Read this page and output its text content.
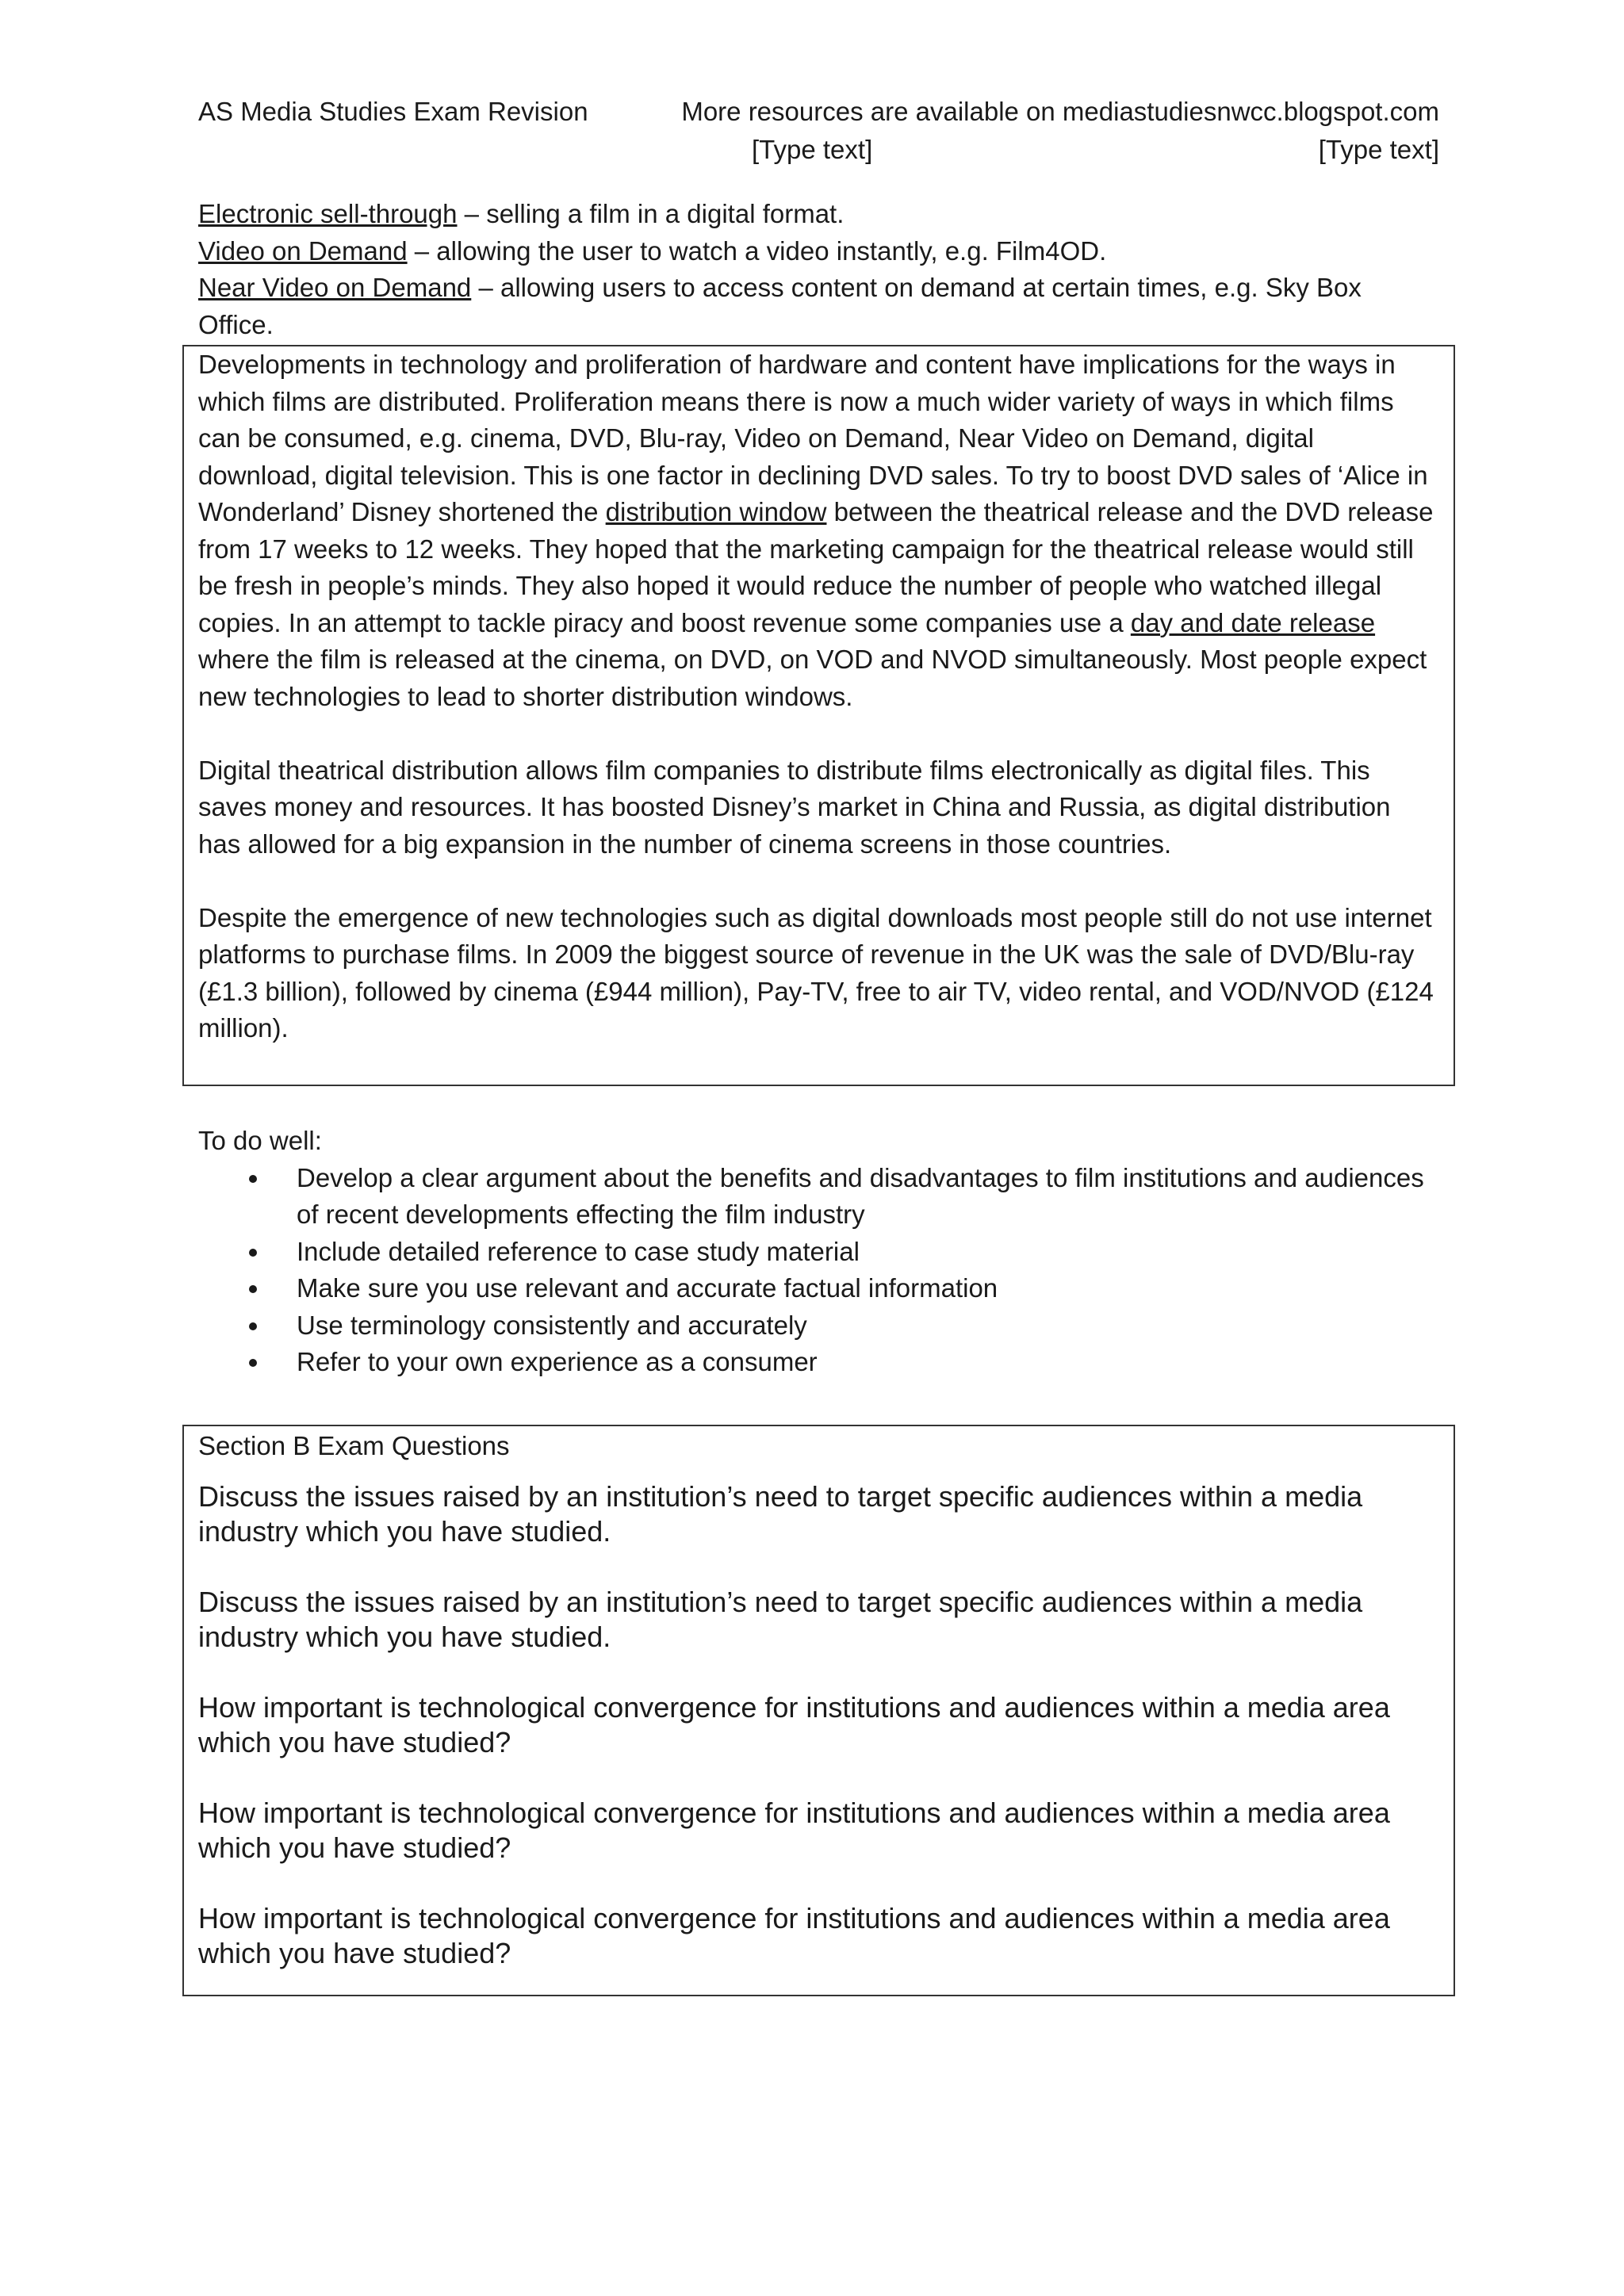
AS Media Studies Exam Revision	More resources are available on mediastudiesnwcc.blogspot.com
[Type text]	[Type text]
Electronic sell-through – selling a film in a digital format.
Video on Demand – allowing the user to watch a video instantly, e.g. Film4OD.
Near Video on Demand – allowing users to access content on demand at certain times, e.g. Sky Box Office.

Developments in technology and proliferation of hardware and content have implications for the ways in which films are distributed. Proliferation means there is now a much wider variety of ways in which films can be consumed, e.g. cinema, DVD, Blu-ray, Video on Demand, Near Video on Demand, digital download, digital television. This is one factor in declining DVD sales. To try to boost DVD sales of ‘Alice in Wonderland’ Disney shortened the distribution window between the theatrical release and the DVD release from 17 weeks to 12 weeks. They hoped that the marketing campaign for the theatrical release would still be fresh in people’s minds. They also hoped it would reduce the number of people who watched illegal copies. In an attempt to tackle piracy and boost revenue some companies use a day and date release where the film is released at the cinema, on DVD, on VOD and NVOD simultaneously. Most people expect new technologies to lead to shorter distribution windows.

Digital theatrical distribution allows film companies to distribute films electronically as digital files. This saves money and resources. It has boosted Disney’s market in China and Russia, as digital distribution has allowed for a big expansion in the number of cinema screens in those countries.

Despite the emergence of new technologies such as digital downloads most people still do not use internet platforms to purchase films. In 2009 the biggest source of revenue in the UK was the sale of DVD/Blu-ray (£1.3 billion), followed by cinema (£944 million), Pay-TV, free to air TV, video rental, and VOD/NVOD (£124 million).

To do well:
Develop a clear argument about the benefits and disadvantages to film institutions and audiences of recent developments effecting the film industry
Include detailed reference to case study material
Make sure you use relevant and accurate factual information
Use terminology consistently and accurately
Refer to your own experience as a consumer

Section B Exam Questions

Discuss the issues raised by an institution’s need to target specific audiences within a media industry which you have studied.

Discuss the issues raised by an institution’s need to target specific audiences within a media industry which you have studied.

How important is technological convergence for institutions and audiences within a media area which you have studied?

How important is technological convergence for institutions and audiences within a media area which you have studied?

How important is technological convergence for institutions and audiences within a media area which you have studied?
